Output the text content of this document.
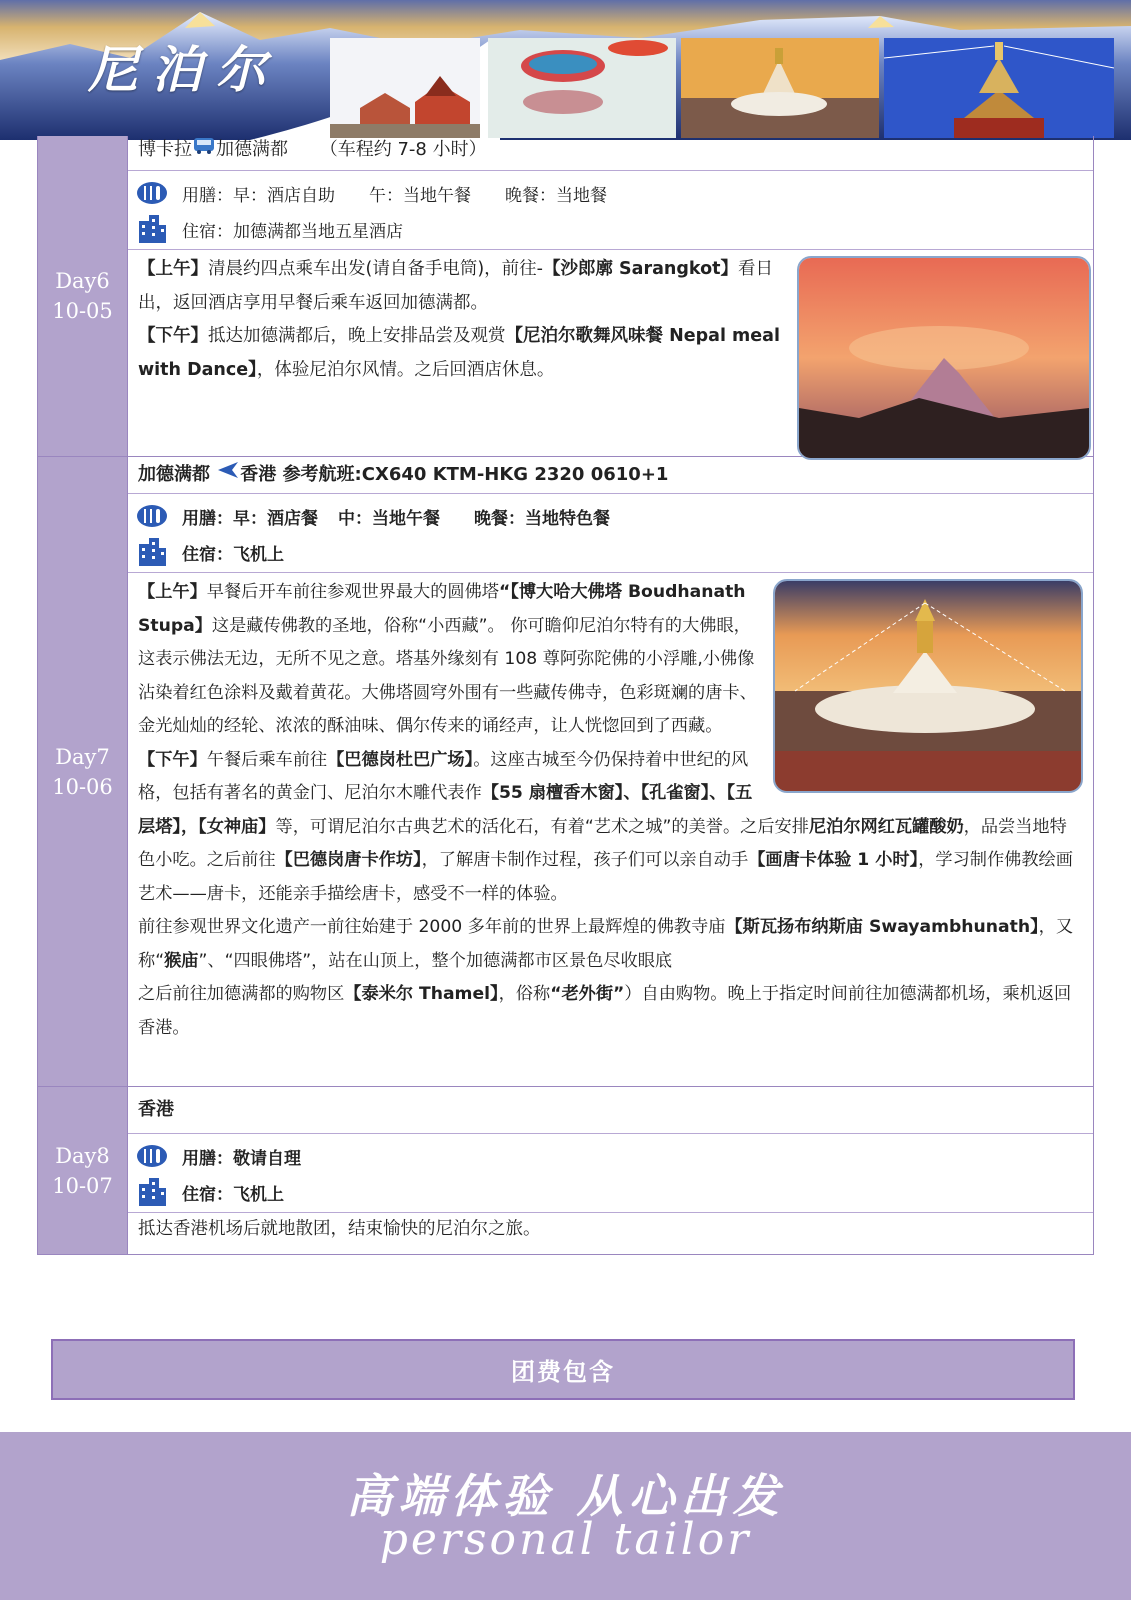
尼泊尔
Day6
10-05
博卡拉 加德满都 （车程约 7-8 小时）
用膳： 早：酒店自助 午：当地午餐 晚餐：当地餐
住宿：加德满都当地五星酒店
【上午】清晨约四点乘车出发(请自备手电筒)，前往-【沙郎廓 Sarangkot】看日出，返回酒店享用早餐后乘车返回加德满都。
【下午】抵达加德满都后，晚上安排品尝及观赏【尼泊尔歌舞风味餐 Nepal meal with Dance】，体验尼泊尔风情。之后回酒店休息。
Day7
10-06
加德满都 香港 参考航班:CX640 KTM-HKG 2320 0610+1
用膳： 早：酒店餐 中：当地午餐 晚餐：当地特色餐
住宿：飞机上
【上午】早餐后开车前往参观世界最大的圆佛塔“【博大哈大佛塔 Boudhanath Stupa】这是藏传佛教的圣地，俗称“小西藏”。 你可瞻仰尼泊尔特有的大佛眼，这表示佛法无边，无所不见之意。塔基外缘刻有 108 尊阿弥陀佛的小浮雕,小佛像沾染着红色涂料及戴着黄花。大佛塔圆穹外围有一些藏传佛寺，色彩斑斓的唐卡、金光灿灿的经轮、浓浓的酥油味、偶尔传来的诵经声，让人恍惚回到了西藏。
【下午】午餐后乘车前往【巴德岗杜巴广场】。这座古城至今仍保持着中世纪的风格，包括有著名的黄金门、尼泊尔木雕代表作【55 扇檀香木窗】、【孔雀窗】、【五层塔】，【女神庙】等，可谓尼泊尔古典艺术的活化石，有着“艺术之城”的美誉。之后安排尼泊尔网红瓦罐酸奶，品尝当地特色小吃。之后前往【巴德岗唐卡作坊】，了解唐卡制作过程，孩子们可以亲自动手【画唐卡体验 1 小时】，学习制作佛教绘画艺术——唐卡，还能亲手描绘唐卡，感受不一样的体验。
前往参观世界文化遗产一前往始建于 2000 多年前的世界上最辉煌的佛教寺庙【斯瓦扬布纳斯庙 Swayambhunath】，又称“猴庙”、“四眼佛塔”，站在山顶上，整个加德满都市区景色尽收眼底
之后前往加德满都的购物区【泰米尔 Thamel】，俗称“老外街”）自由购物。晚上于指定时间前往加德满都机场，乘机返回香港。
Day8
10-07
香港
用膳：敬请自理
住宿：飞机上
抵达香港机场后就地散团，结束愉快的尼泊尔之旅。
团费包含
高端体验 从心出发
personal tailor
